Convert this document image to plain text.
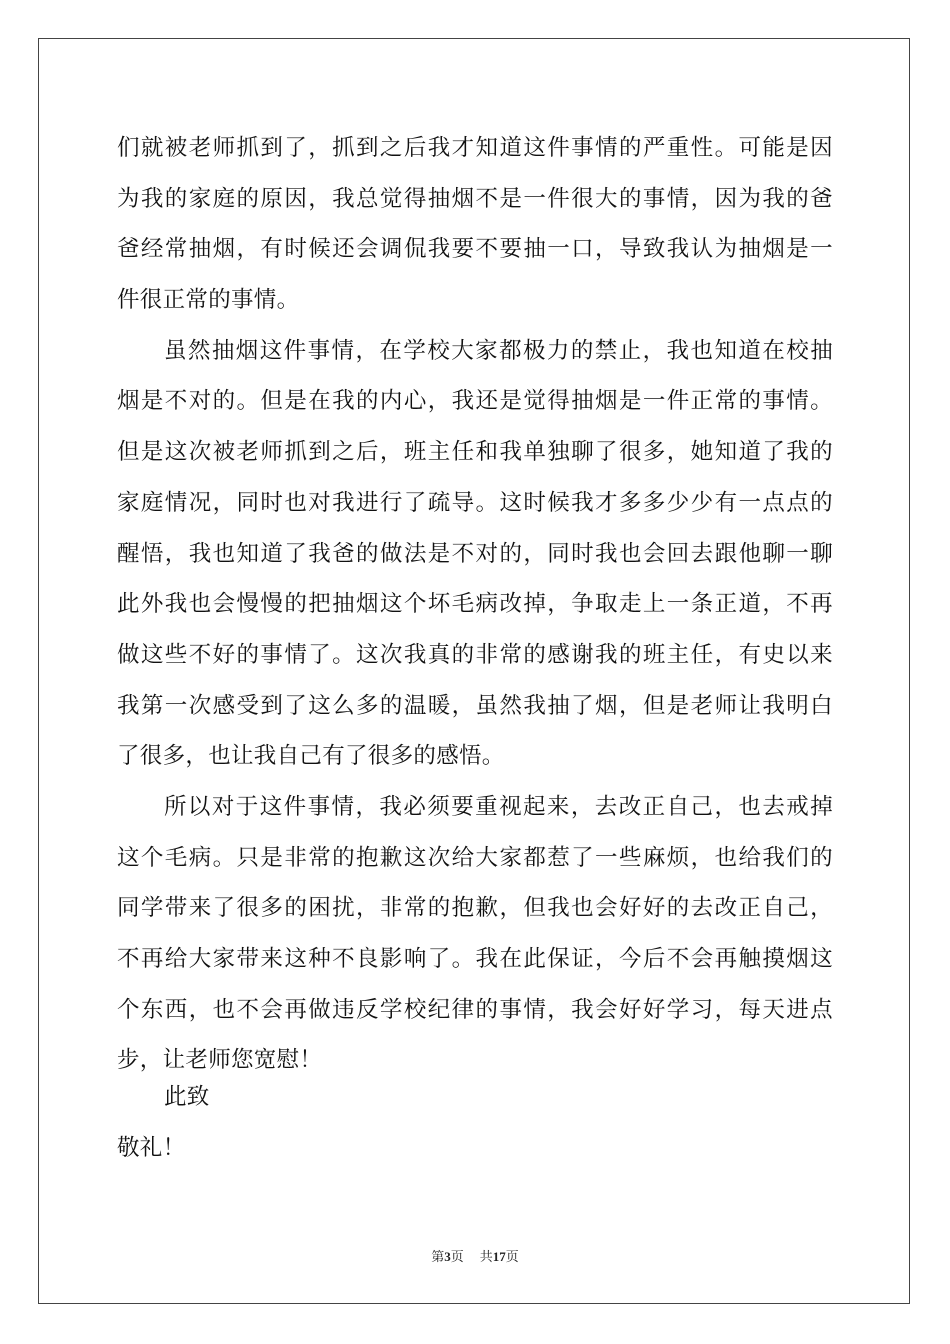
们就被老师抓到了，抓到之后我才知道这件事情的严重性。可能是因
为我的家庭的原因，我总觉得抽烟不是一件很大的事情，因为我的爸
爸经常抽烟，有时候还会调侃我要不要抽一口，导致我认为抽烟是一
件很正常的事情。
虽然抽烟这件事情，在学校大家都极力的禁止，我也知道在校抽
烟是不对的。但是在我的内心，我还是觉得抽烟是一件正常的事情。
但是这次被老师抓到之后，班主任和我单独聊了很多，她知道了我的
家庭情况，同时也对我进行了疏导。这时候我才多多少少有一点点的
醒悟，我也知道了我爸的做法是不对的，同时我也会回去跟他聊一聊
此外我也会慢慢的把抽烟这个坏毛病改掉，争取走上一条正道，不再
做这些不好的事情了。这次我真的非常的感谢我的班主任，有史以来
我第一次感受到了这么多的温暖，虽然我抽了烟，但是老师让我明白
了很多，也让我自己有了很多的感悟。
所以对于这件事情，我必须要重视起来，去改正自己，也去戒掉
这个毛病。只是非常的抱歉这次给大家都惹了一些麻烦，也给我们的
同学带来了很多的困扰，非常的抱歉，但我也会好好的去改正自己，
不再给大家带来这种不良影响了。我在此保证，今后不会再触摸烟这
个东西，也不会再做违反学校纪律的事情，我会好好学习，每天进点
步，让老师您宽慰！
此致
敬礼！
第3页 共17页
